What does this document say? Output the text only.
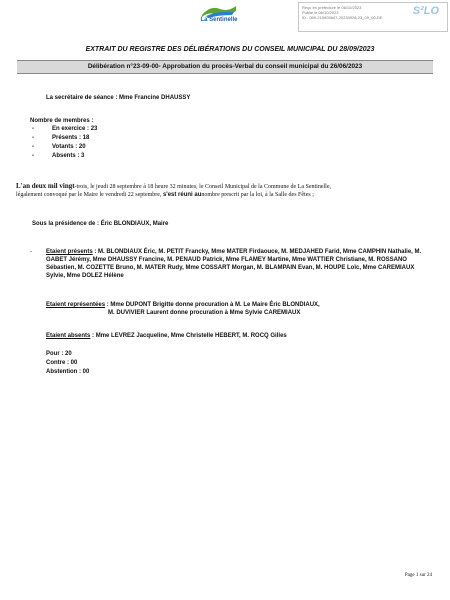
La Sentinelle
Reçu en préfecture le 06/10/2023
Publié le 06/10/2023
ID : 059-215905647-20230928-23_09_00-DE
S²LO
EXTRAIT DU REGISTRE DES DÉLIBÉRATIONS DU CONSEIL MUNICIPAL DU 28/09/2023
Délibération n°23-09-00- Approbation du procès-Verbal du conseil municipal du 26/06/2023
La secrétaire de séance : Mme Francine DHAUSSY
Nombre de membres :
-	En exercice : 23
-	Présents : 18
-	Votants : 20
-	Absents : 3
L'an deux mil vingt-trois, le jeudi 28 septembre à 18 heure 32 minutes, le Conseil Municipal de la Commune de La Sentinelle,
légalement convoqué par le Maire le vendredi 22 septembre, s'est réuni aunombre prescrit par la loi, à la Salle des Fêtes ;
Sous la présidence de : Éric BLONDIAUX, Maire
- Etaient présents : M. BLONDIAUX Éric, M. PETIT Francky, Mme MATER Firdaouce, M. MEDJAHED Farid, Mme CAMPHIN Nathalie, M. GABET Jérémy, Mme DHAUSSY Francine, M. PENAUD Patrick, Mme FLAMEY Martine, Mme WATTIER Christiane, M. ROSSANO Sébastien, M. COZETTE Bruno, M. MATER Rudy, Mme COSSART Morgan, M. BLAMPAIN Evan, M. HOUPE Loïc, Mme CAREMIAUX Sylvie, Mme DOLEZ Hélène
Etaient représentées : Mme DUPONT Brigitte donne procuration à M. Le Maire Éric BLONDIAUX,
M. DUVIVIER Laurent donne procuration à Mme Sylvie CAREMIAUX
Etaient absents : Mme LEVREZ Jacqueline, Mme Christelle HEBERT, M. ROCQ Gilles
Pour : 20
Contre : 00
Abstention : 00
Page 1 sur 24
